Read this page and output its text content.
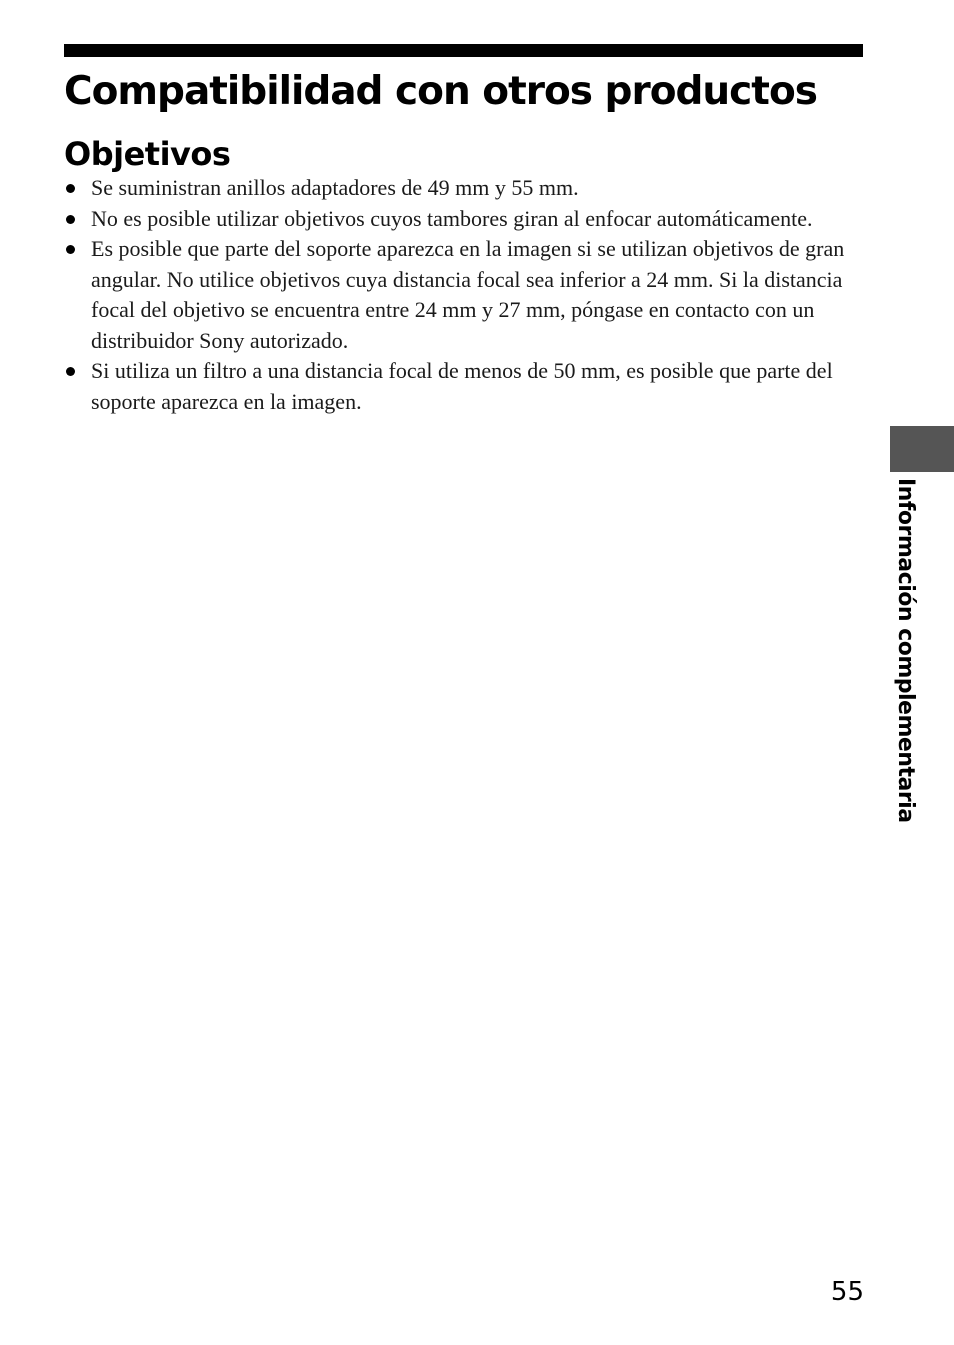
Compatibilidad con otros productos
Objetivos
Se suministran anillos adaptadores de 49 mm y 55 mm.
No es posible utilizar objetivos cuyos tambores giran al enfocar automáticamente.
Es posible que parte del soporte aparezca en la imagen si se utilizan objetivos de gran angular. No utilice objetivos cuya distancia focal sea inferior a 24 mm. Si la distancia focal del objetivo se encuentra entre 24 mm y 27 mm, póngase en contacto con un distribuidor Sony autorizado.
Si utiliza un filtro a una distancia focal de menos de 50 mm, es posible que parte del soporte aparezca en la imagen.
Información complementaria
55
